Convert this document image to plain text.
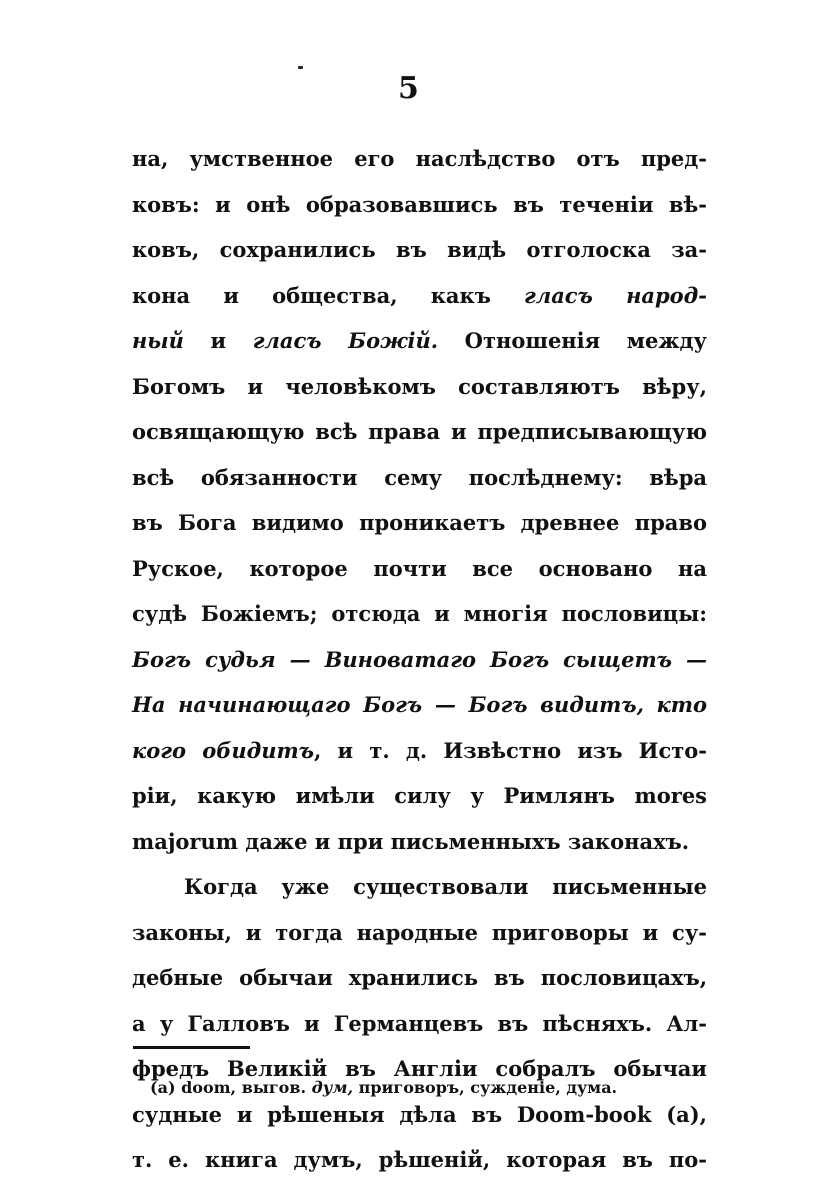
5
на, умственное его наслѣдство отъ пред-
ковъ: и онѣ образовавшись въ теченіи вѣ-
ковъ, сохранились въ видѣ отголоска за-
кона и общества, какъ гласъ народ-
ный и гласъ Божій. Отношенія между
Богомъ и человѣкомъ составляютъ вѣру,
освящающую всѣ права и предписывающую
всѣ обязанности сему послѣднему: вѣра
въ Бога видимо проникаетъ древнее право
Руское, которое почти все основано на
судѣ Божіемъ; отсюда и многія пословицы:
Богъ судья — Виноватаго Богъ сыщетъ —
На начинающаго Богъ — Богъ видитъ, кто
кого обидитъ, и т. д. Извѣстно изъ Исто-
ріи, какую имѣли силу у Римлянъ mores
majorum даже и при письменныхъ законахъ.
Когда уже существовали письменные
законы, и тогда народные приговоры и су-
дебные обычаи хранились въ пословицахъ,
а у Галловъ и Германцевъ въ пѣсняхъ. Ал-
фредъ Великій въ Англіи собралъ обычаи
судные и рѣшеныя дѣла въ Doom-book (а),
т. е. книга думъ, рѣшеній, которая въ по-
(а) doom, выгов. дум, приговоръ, сужденіе, дума.
